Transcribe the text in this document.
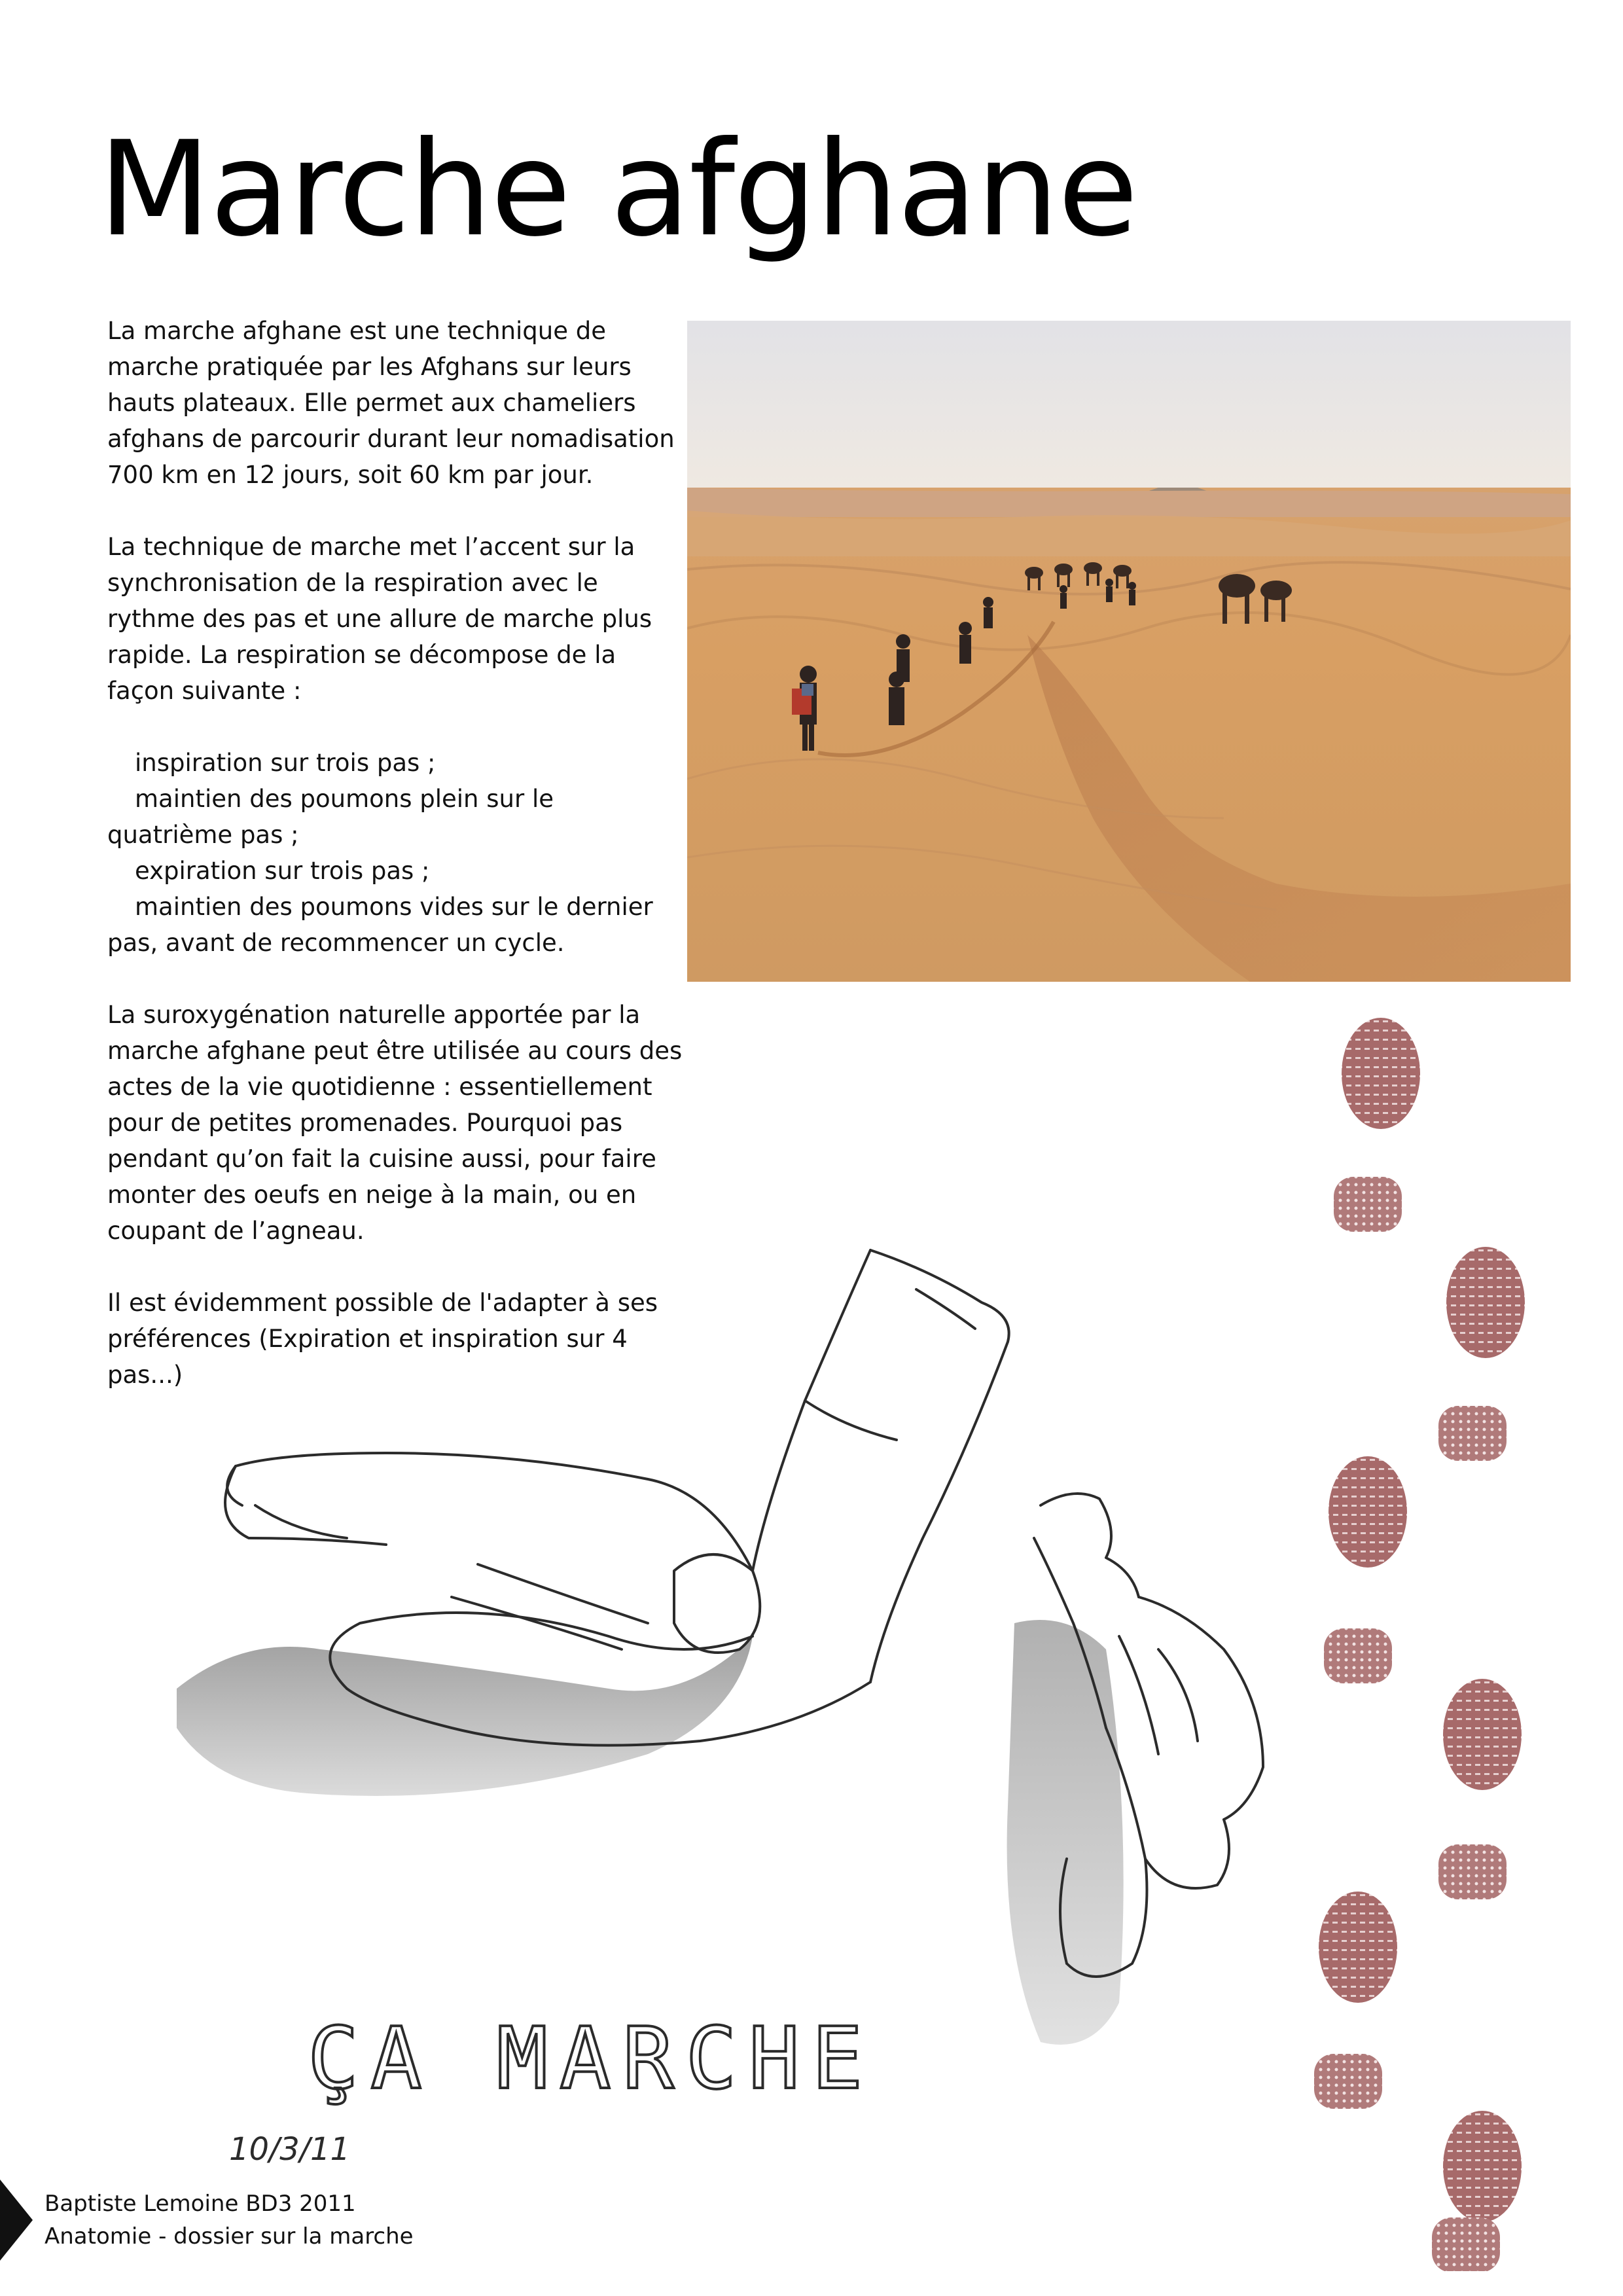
Marche afghane

La marche afghane est une technique de marche pratiquée par les Afghans sur leurs hauts plateaux. Elle permet aux chameliers afghans de parcourir durant leur nomadisation 700 km en 12 jours, soit 60 km par jour.

La technique de marche met l’accent sur la synchronisation de la respiration avec le rythme des pas et une allure de marche plus rapide. La respiration se décompose de la façon suivante :

inspiration sur trois pas ;
maintien des poumons plein sur le quatrième pas ;
expiration sur trois pas ;
maintien des poumons vides sur le dernier pas, avant de recommencer un cycle.

La suroxygénation naturelle apportée par la marche afghane peut être utilisée au cours des actes de la vie quotidienne : essentiellement pour de petites promenades. Pourquoi pas pendant qu’on fait la cuisine aussi, pour faire monter des oeufs en neige à la main, ou en coupant de l’agneau.

Il est évidemment possible de l'adapter à ses préférences (Expiration et inspiration sur 4 pas...)

ÇA MARCHE
10/3/11
Baptiste Lemoine BD3 2011
Anatomie - dossier sur la marche
